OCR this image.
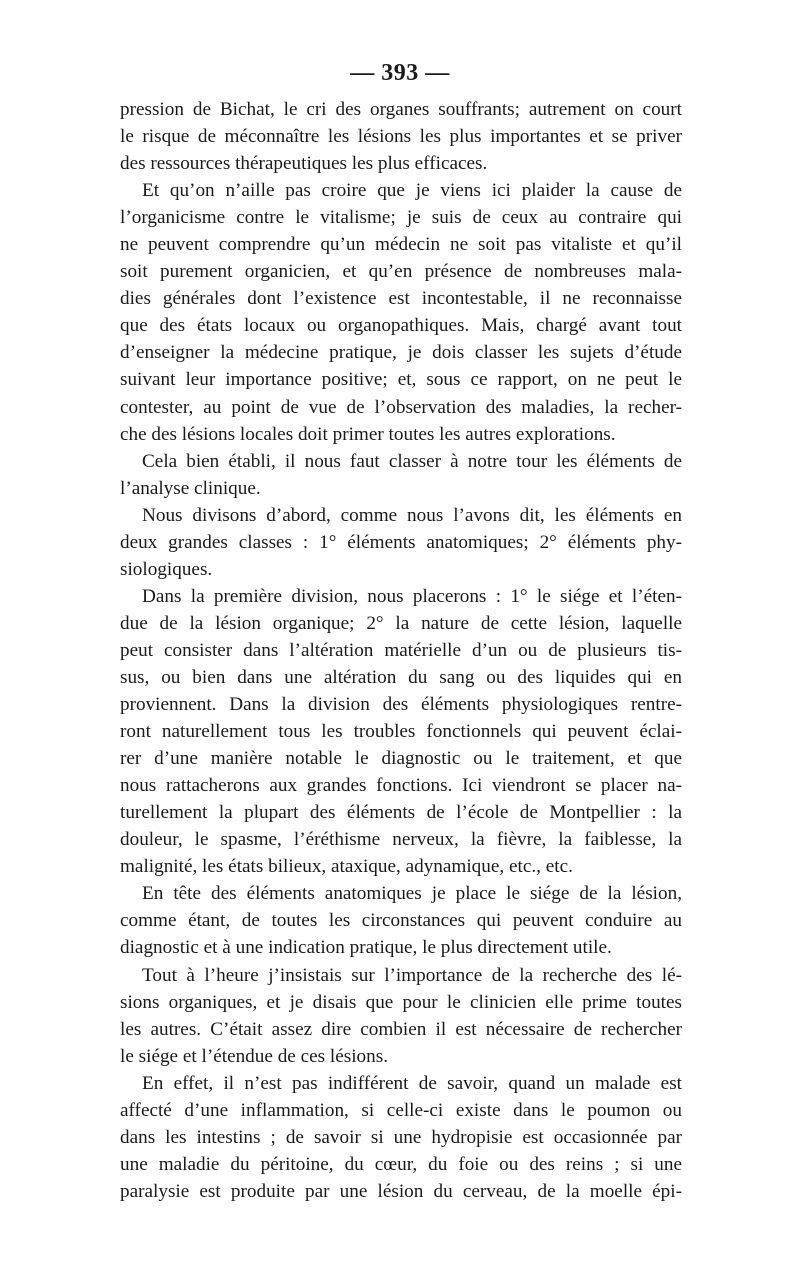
— 393 —
pression de Bichat, le cri des organes souffrants; autrement on court
le risque de méconnaître les lésions les plus importantes et se priver
des ressources thérapeutiques les plus efficaces.
Et qu’on n’aille pas croire que je viens ici plaider la cause de
l’organicisme contre le vitalisme; je suis de ceux au contraire qui
ne peuvent comprendre qu’un médecin ne soit pas vitaliste et qu’il
soit purement organicien, et qu’en présence de nombreuses mala-
dies générales dont l’existence est incontestable, il ne reconnaisse
que des états locaux ou organopathiques. Mais, chargé avant tout
d’enseigner la médecine pratique, je dois classer les sujets d’étude
suivant leur importance positive; et, sous ce rapport, on ne peut le
contester, au point de vue de l’observation des maladies, la recher-
che des lésions locales doit primer toutes les autres explorations.
Cela bien établi, il nous faut classer à notre tour les éléments de
l’analyse clinique.
Nous divisons d’abord, comme nous l’avons dit, les éléments en
deux grandes classes : 1° éléments anatomiques; 2° éléments phy-
siologiques.
Dans la première division, nous placerons : 1° le siége et l’éten-
due de la lésion organique; 2° la nature de cette lésion, laquelle
peut consister dans l’altération matérielle d’un ou de plusieurs tis-
sus, ou bien dans une altération du sang ou des liquides qui en
proviennent. Dans la division des éléments physiologiques rentre-
ront naturellement tous les troubles fonctionnels qui peuvent éclai-
rer d’une manière notable le diagnostic ou le traitement, et que
nous rattacherons aux grandes fonctions. Ici viendront se placer na-
turellement la plupart des éléments de l’école de Montpellier : la
douleur, le spasme, l’éréthisme nerveux, la fièvre, la faiblesse, la
malignité, les états bilieux, ataxique, adynamique, etc., etc.
En tête des éléments anatomiques je place le siége de la lésion,
comme étant, de toutes les circonstances qui peuvent conduire au
diagnostic et à une indication pratique, le plus directement utile.
Tout à l’heure j’insistais sur l’importance de la recherche des lé-
sions organiques, et je disais que pour le clinicien elle prime toutes
les autres. C’était assez dire combien il est nécessaire de rechercher
le siége et l’étendue de ces lésions.
En effet, il n’est pas indifférent de savoir, quand un malade est
affecté d’une inflammation, si celle-ci existe dans le poumon ou
dans les intestins ; de savoir si une hydropisie est occasionnée par
une maladie du péritoine, du cœur, du foie ou des reins ; si une
paralysie est produite par une lésion du cerveau, de la moelle épi-
